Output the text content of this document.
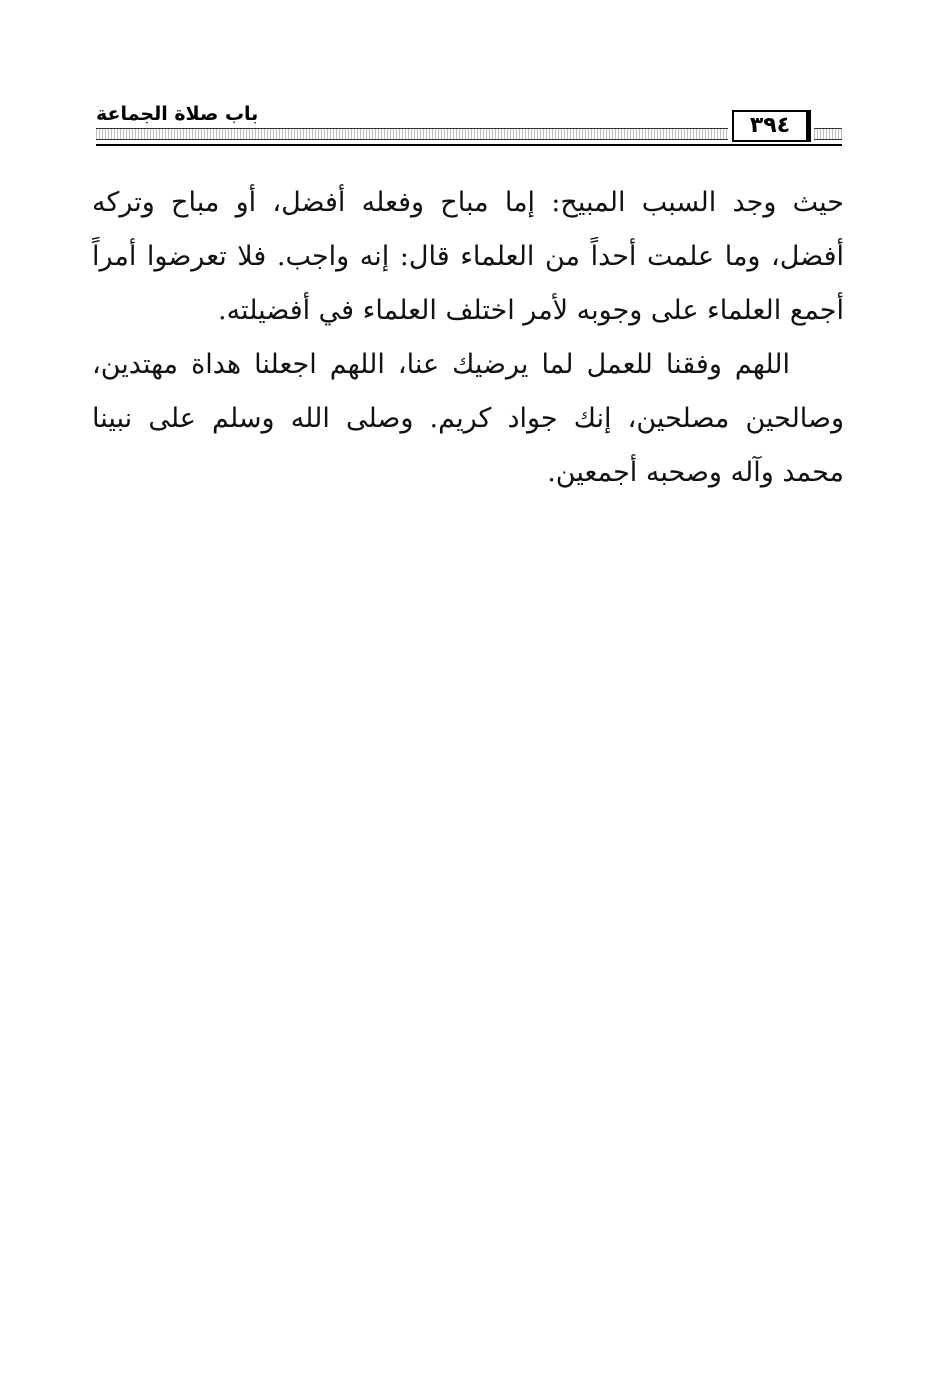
باب صلاة الجماعة	٣٩٤

حيث وجد السبب المبيح: إما مباح وفعله أفضل، أو مباح وتركه أفضل، وما علمت أحداً من العلماء قال: إنه واجب. فلا تعرضوا أمراً أجمع العلماء على وجوبه لأمر اختلف العلماء في أفضيلته.

اللهم وفقنا للعمل لما يرضيك عنا، اللهم اجعلنا هداة مهتدين، وصالحين مصلحين، إنك جواد كريم. وصلى الله وسلم على نبينا محمد وآله وصحبه أجمعين.
